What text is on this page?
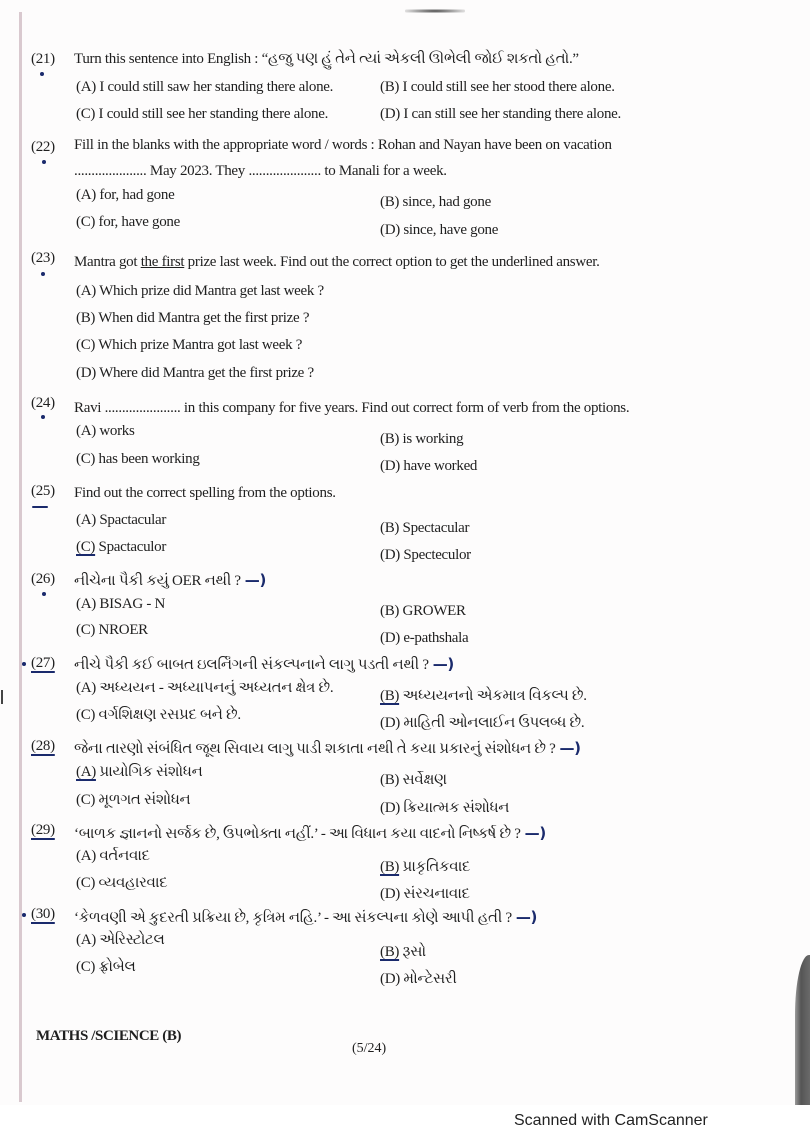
(21) Turn this sentence into English : “હજુ પણ હું તેને ત્યાં એકલી ઊભેલી જોઈ શકતો હતો.”
(A) I could still saw her standing there alone.	(B) I could still see her stood there alone.
(C) I could still see her standing there alone.	(D) I can still see her standing there alone.
(22) Fill in the blanks with the appropriate word / words : Rohan and Nayan have been on vacation
..................... May 2023. They ..................... to Manali for a week.
(A) for, had gone	(B) since, had gone
(C) for, have gone	(D) since, have gone
(23) Mantra got the first prize last week. Find out the correct option to get the underlined answer.
(A) Which prize did Mantra get last week ?
(B) When did Mantra get the first prize ?
(C) Which prize Mantra got last week ?
(D) Where did Mantra get the first prize ?
(24) Ravi ...................... in this company for five years. Find out correct form of verb from the options.
(A) works	(B) is working
(C) has been working	(D) have worked
(25) Find out the correct spelling from the options.
(A) Spactacular	(B) Spectacular
(C) Spactaculor	(D) Specteculor
(26) નીચેના પૈકી કયું OER નથી ? —)
(A) BISAG - N	(B) GROWER
(C) NROER	(D) e-pathshala
(27) નીચે પૈકી કઈ બાબત ઇલર્નિંગની સંકલ્પનાને લાગુ પડતી નથી ? —)
(A) અધ્યયન - અધ્યાપનનું અધ્યતન ક્ષેત્ર છે.	(B) અધ્યયનનો એકમાત્ર વિકલ્પ છે.
(C) વર્ગશિક્ષણ રસપ્રદ બને છે.	(D) માહિતી ઓનલાઈન ઉપલબ્ધ છે.
(28) જેના તારણો સંબંધિત જૂથ સિવાય લાગુ પાડી શકાતા નથી તે કયા પ્રકારનું સંશોધન છે ? —)
(A) પ્રાયોગિક સંશોધન	(B) સર્વેક્ષણ
(C) મૂળગત સંશોધન	(D) ક્રિયાત્મક સંશોધન
(29) ‘બાળક જ્ઞાનનો સર્જક છે, ઉપભોક્તા નહીં.’ - આ વિધાન કયા વાદનો નિષ્કર્ષ છે ? —)
(A) વર્તનવાદ
(B) પ્રાકૃતિકવાદ
(C) વ્યવહારવાદ
(D) સંરચનાવાદ
(30) ‘કેળવણી એ કુદરતી પ્રક્રિયા છે, કૃત્રિમ નહિ.’ - આ સંકલ્પના કોણે આપી હતી ? —)
(A) એરિસ્ટોટલ
(B) રૂસો
(C) ફ્રોબેલ
(D) મોન્ટેસરી
MATHS /SCIENCE (B)
(5/24)
Scanned with CamScanner
